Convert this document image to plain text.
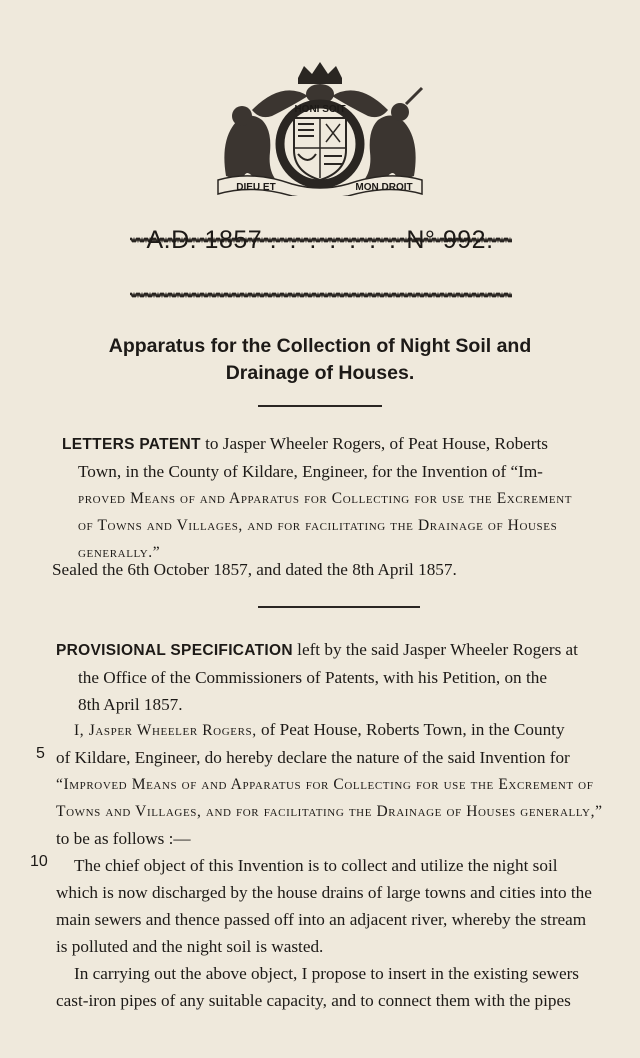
HONI SOIT
DIEU ET	MON DROIT
A.D. 1857 . . . . . . . N° 992.
Apparatus for the Collection of Night Soil and
Drainage of Houses.
LETTERS PATENT to Jasper Wheeler Rogers, of Peat House, Roberts
Town, in the County of Kildare, Engineer, for the Invention of “Im-
proved Means of and Apparatus for Collecting for use the Excrement
of Towns and Villages, and for facilitating the Drainage of Houses
generally.”
Sealed the 6th October 1857, and dated the 8th April 1857.
PROVISIONAL SPECIFICATION left by the said Jasper Wheeler Rogers at
the Office of the Commissioners of Patents, with his Petition, on the
8th April 1857.
I, Jasper Wheeler Rogers, of Peat House, Roberts Town, in the County
of Kildare, Engineer, do hereby declare the nature of the said Invention for
“Improved Means of and Apparatus for Collecting for use the Excrement of
Towns and Villages, and for facilitating the Drainage of Houses generally,”
to be as follows :—
The chief object of this Invention is to collect and utilize the night soil
which is now discharged by the house drains of large towns and cities into the
main sewers and thence passed off into an adjacent river, whereby the stream
is polluted and the night soil is wasted.
In carrying out the above object, I propose to insert in the existing sewers
cast-iron pipes of any suitable capacity, and to connect them with the pipes
5
10
